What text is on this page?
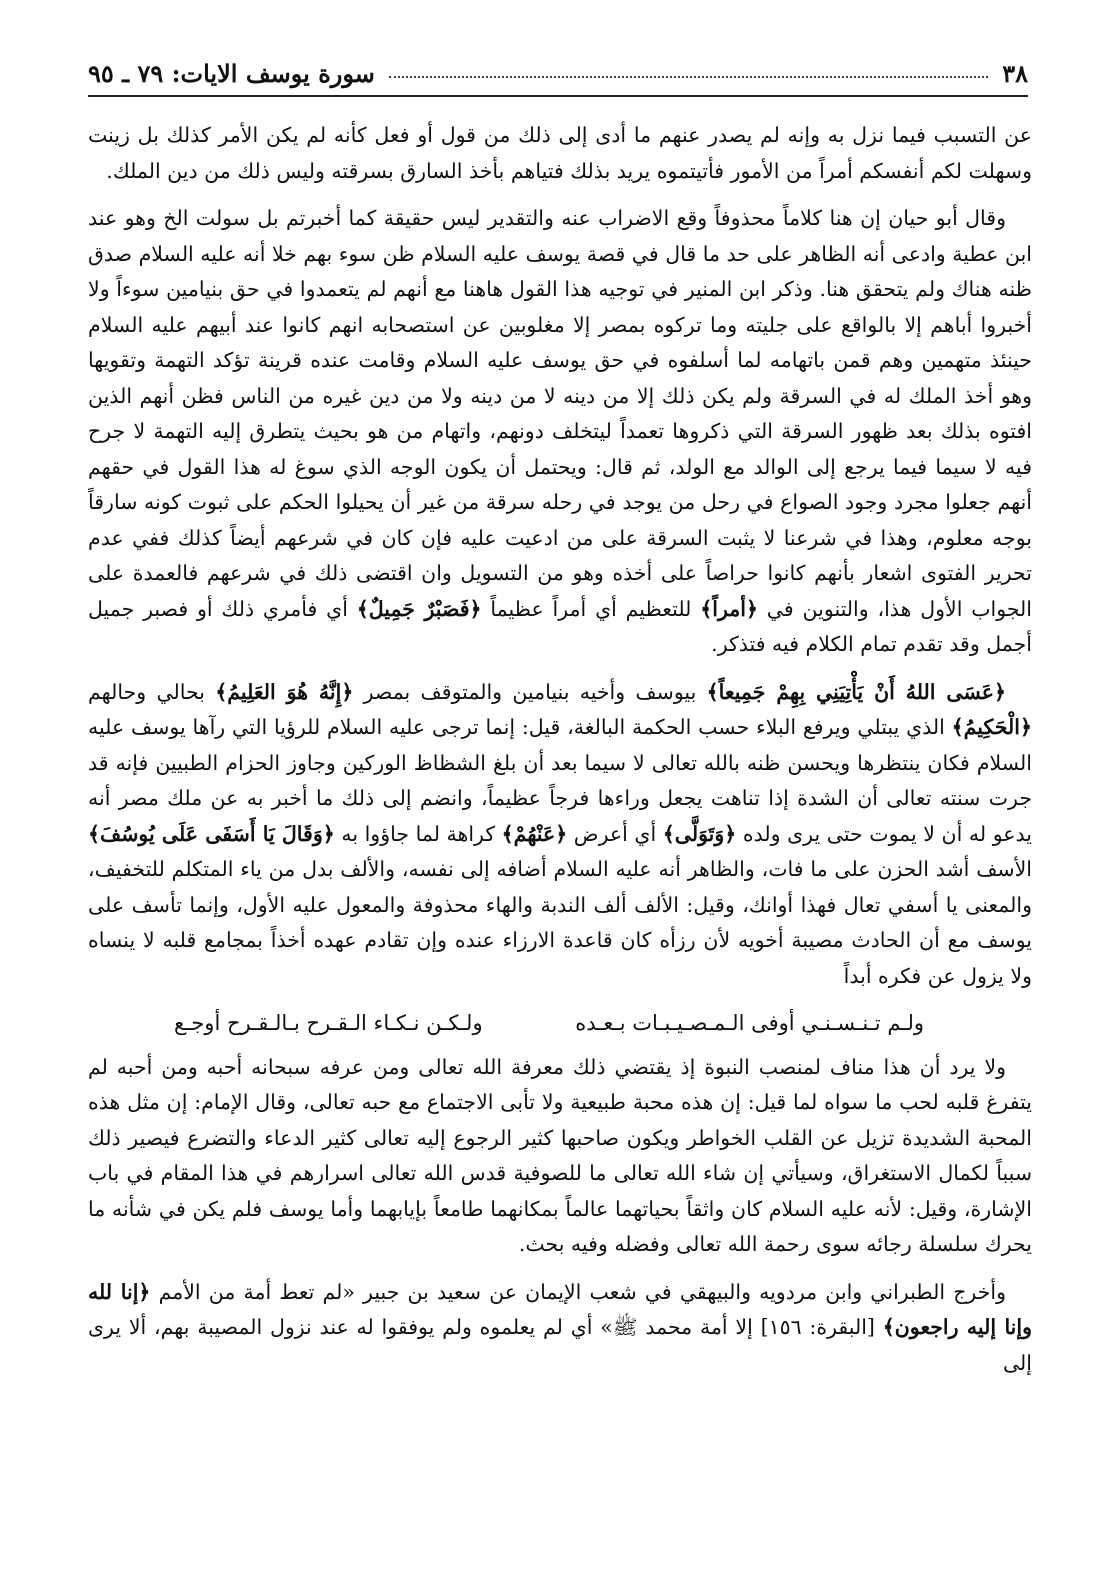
٣٨
سورة يوسف الايات: ٧٩ ـ ٩٥

عن التسبب فيما نزل به وإنه لم يصدر عنهم ما أدى إلى ذلك من قول أو فعل كأنه لم يكن الأمر كذلك بل زينت وسهلت لكم أنفسكم أمراً من الأمور فأتيتموه يريد بذلك فتياهم بأخذ السارق بسرقته وليس ذلك من دين الملك.

وقال أبو حيان إن هنا كلاماً محذوفاً وقع الاضراب عنه والتقدير ليس حقيقة كما أخبرتم بل سولت الخ وهو عند ابن عطية وادعى أنه الظاهر على حد ما قال في قصة يوسف عليه السلام ظن سوء بهم خلا أنه عليه السلام صدق ظنه هناك ولم يتحقق هنا. وذكر ابن المنير في توجيه هذا القول هاهنا مع أنهم لم يتعمدوا في حق بنيامين سوءاً ولا أخبروا أباهم إلا بالواقع على جليته وما تركوه بمصر إلا مغلوبين عن استصحابه انهم كانوا عند أبيهم عليه السلام حينئذ متهمين وهم قمن باتهامه لما أسلفوه في حق يوسف عليه السلام وقامت عنده قرينة تؤكد التهمة وتقويها وهو أخذ الملك له في السرقة ولم يكن ذلك إلا من دينه لا من دينه ولا من دين غيره من الناس فظن أنهم الذين افتوه بذلك بعد ظهور السرقة التي ذكروها تعمداً ليتخلف دونهم، واتهام من هو بحيث يتطرق إليه التهمة لا جرح فيه لا سيما فيما يرجع إلى الوالد مع الولد، ثم قال: ويحتمل أن يكون الوجه الذي سوغ له هذا القول في حقهم أنهم جعلوا مجرد وجود الصواع في رحل من يوجد في رحله سرقة من غير أن يحيلوا الحكم على ثبوت كونه سارقاً بوجه معلوم، وهذا في شرعنا لا يثبت السرقة على من ادعيت عليه فإن كان في شرعهم أيضاً كذلك ففي عدم تحرير الفتوى اشعار بأنهم كانوا حراصاً على أخذه وهو من التسويل وان اقتضى ذلك في شرعهم فالعمدة على الجواب الأول هذا، والتنوين في ﴿أمراً﴾ للتعظيم أي أمراً عظيماً ﴿فَصَبْرٌ جَمِيلٌ﴾ أي فأمري ذلك أو فصبر جميل أجمل وقد تقدم تمام الكلام فيه فتذكر.

﴿عَسَى اللهُ أَنْ يَأْتِيَنِي بِهِمْ جَمِيعاً﴾ بيوسف وأخيه بنيامين والمتوقف بمصر ﴿إِنَّهُ هُوَ العَلِيمُ﴾ بحالي وحالهم ﴿الْحَكِيمُ﴾ الذي يبتلي ويرفع البلاء حسب الحكمة البالغة، قيل: إنما ترجى عليه السلام للرؤيا التي رآها يوسف عليه السلام فكان ينتظرها ويحسن ظنه بالله تعالى لا سيما بعد أن بلغ الشظاظ الوركين وجاوز الحزام الطبيين فإنه قد جرت سنته تعالى أن الشدة إذا تناهت يجعل وراءها فرجاً عظيماً، وانضم إلى ذلك ما أخبر به عن ملك مصر أنه يدعو له أن لا يموت حتى يرى ولده ﴿وَتَوَلَّى﴾ أي أعرض ﴿عَنْهُمْ﴾ كراهة لما جاؤوا به ﴿وَقَالَ يَا أَسَفَى عَلَى يُوسُفَ﴾ الأسف أشد الحزن على ما فات، والظاهر أنه عليه السلام أضافه إلى نفسه، والألف بدل من ياء المتكلم للتخفيف، والمعنى يا أسفي تعال فهذا أوانك، وقيل: الألف ألف الندبة والهاء محذوفة والمعول عليه الأول، وإنما تأسف على يوسف مع أن الحادث مصيبة أخويه لأن رزأه كان قاعدة الارزاء عنده وإن تقادم عهده أخذاً بمجامع قلبه لا ينساه ولا يزول عن فكره أبداً

ولـم تـنـسـنـي أوفى الـمـصـيـبـات بـعـده
ولـكـن نـكـاء الـقـرح بـالـقـرح أوجـع

ولا يرد أن هذا مناف لمنصب النبوة إذ يقتضي ذلك معرفة الله تعالى ومن عرفه سبحانه أحبه ومن أحبه لم يتفرغ قلبه لحب ما سواه لما قيل: إن هذه محبة طبيعية ولا تأبى الاجتماع مع حبه تعالى، وقال الإمام: إن مثل هذه المحبة الشديدة تزيل عن القلب الخواطر ويكون صاحبها كثير الرجوع إليه تعالى كثير الدعاء والتضرع فيصير ذلك سبباً لكمال الاستغراق، وسيأتي إن شاء الله تعالى ما للصوفية قدس الله تعالى اسرارهم في هذا المقام في باب الإشارة، وقيل: لأنه عليه السلام كان واثقاً بحياتهما عالماً بمكانهما طامعاً بإيابهما وأما يوسف فلم يكن في شأنه ما يحرك سلسلة رجائه سوى رحمة الله تعالى وفضله وفيه بحث.

وأخرج الطبراني وابن مردويه والبيهقي في شعب الإيمان عن سعيد بن جبير «لم تعط أمة من الأمم ﴿إنا لله وإنا إليه راجعون﴾ [البقرة: ١٥٦] إلا أمة محمد ﷺ» أي لم يعلموه ولم يوفقوا له عند نزول المصيبة بهم، ألا يرى إلى
